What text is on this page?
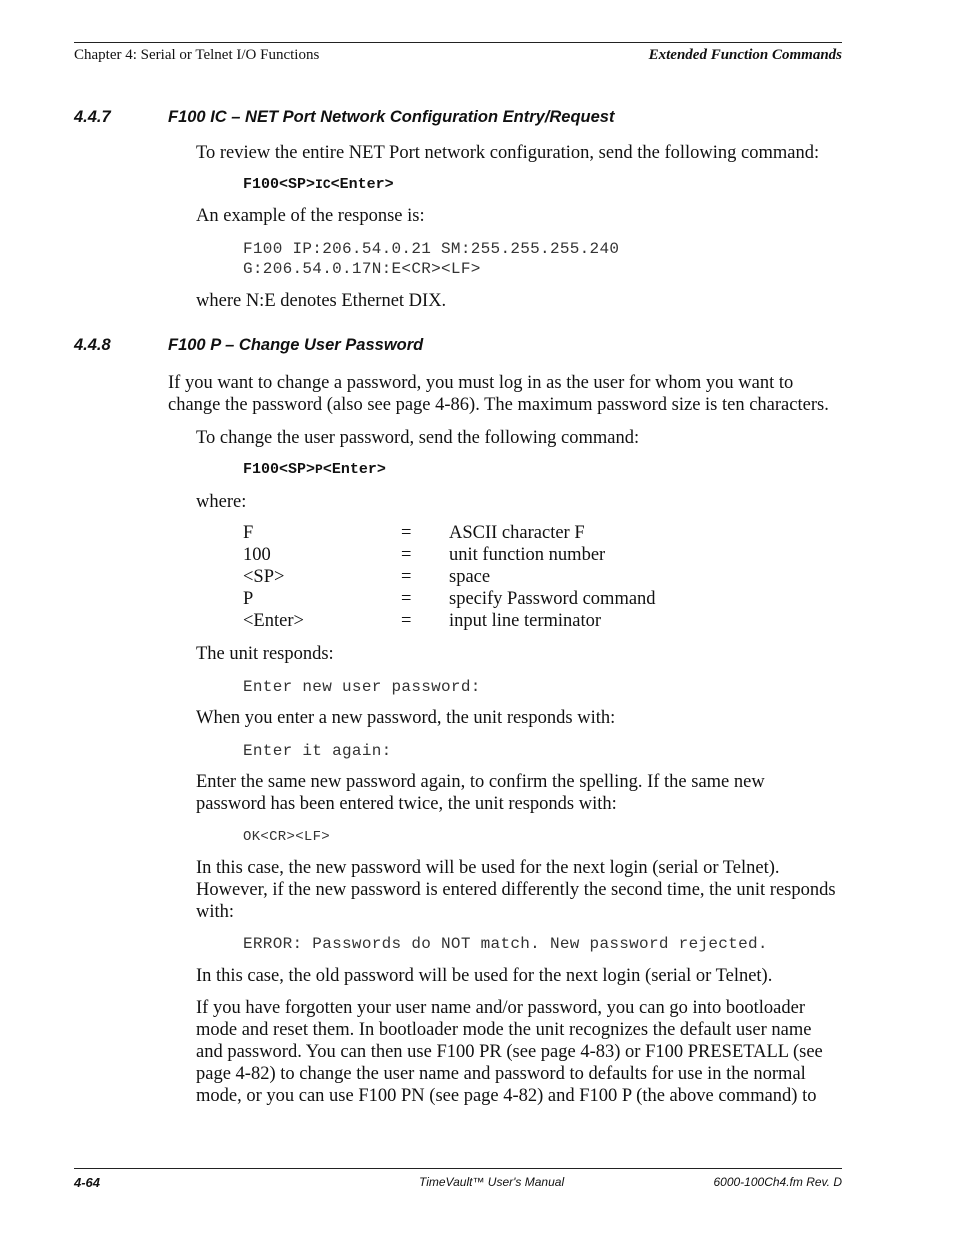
Chapter 4: Serial or Telnet I/O Functions	Extended Function Commands
4.4.7	F100 IC – NET Port Network Configuration Entry/Request
To review the entire NET Port network configuration, send the following command:
F100<SP>IC<Enter>
An example of the response is:
F100 IP:206.54.0.21 SM:255.255.255.240
G:206.54.0.17N:E<CR><LF>
where N:E denotes Ethernet DIX.
4.4.8	F100 P – Change User Password
If you want to change a password, you must log in as the user for whom you want to
change the password (also see page 4-86). The maximum password size is ten characters.
To change the user password, send the following command:
F100<SP>P<Enter>
where:
F	= ASCII character F
100	= unit function number
<SP>	= space
P	= specify Password command
<Enter>	= input line terminator
The unit responds:
Enter new user password:
When you enter a new password, the unit responds with:
Enter it again:
Enter the same new password again, to confirm the spelling. If the same new
password has been entered twice, the unit responds with:
OK<CR><LF>
In this case, the new password will be used for the next login (serial or Telnet).
However, if the new password is entered differently the second time, the unit responds
with:
ERROR: Passwords do NOT match. New password rejected.
In this case, the old password will be used for the next login (serial or Telnet).
If you have forgotten your user name and/or password, you can go into bootloader
mode and reset them. In bootloader mode the unit recognizes the default user name
and password. You can then use F100 PR (see page 4-83) or F100 PRESETALL (see
page 4-82) to change the user name and password to defaults for use in the normal
mode, or you can use F100 PN (see page 4-82) and F100 P (the above command) to
4-64	TimeVault™ User's Manual	6000-100Ch4.fm Rev. D
